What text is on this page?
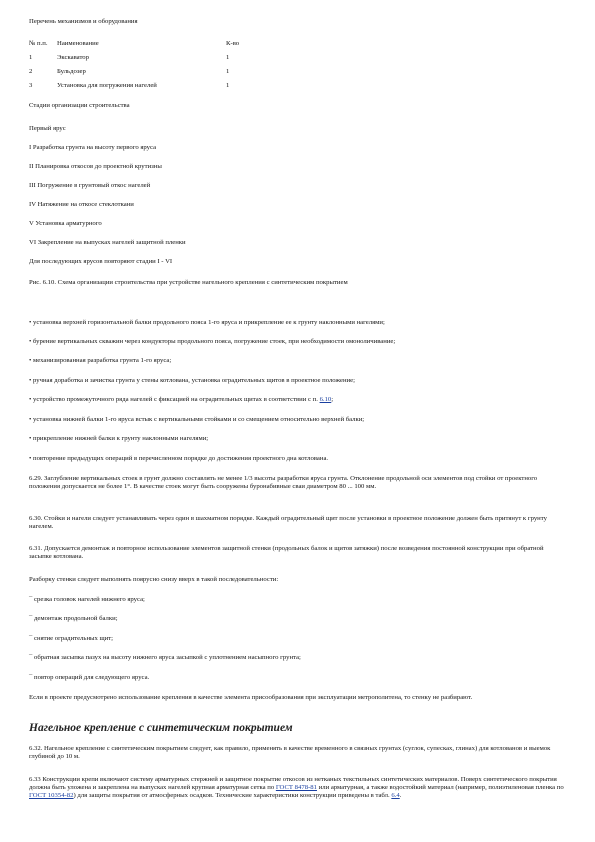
Перечень механизмов и оборудования
№ п.п. Наименование	К-во
1	Экскаватор	1
2	Бульдозер	1
3	Установка для погружения нагелей	1
Стадии организации строительства
Первый ярус
I Разработка грунта на высоту первого яруса
II Планировка откосов до проектной крутизны
III Погружение в грунтовый откос нагелей
IV Натяжение на откосе стеклоткани
V Установка арматурного
VI Закрепление на выпусках нагелей защитной пленки
Для последующих ярусов повторяют стадии I - VI
Рис. 6.10. Схема организации строительства при устройстве нагельного крепления с синтетическим покрытием
• установка верхней горизонтальной балки продольного пояса 1-го яруса и прикрепление ее к грунту наклонными нагелями;
• бурение вертикальных скважин через кондукторы продольного пояса, погружение стоек, при необходимости омоноличивание;
• механизированная разработка грунта 1-го яруса;
• ручная доработка и зачистка грунта у стены котлована, установка оградительных щитов в проектное положение;
• устройство промежуточного ряда нагелей с фиксацией на оградительных щитах в соответствии с п. 6.10;
• установка нижней балки 1-го яруса встык с вертикальными стойками и со смещением относительно верхней балки;
• прикрепление нижней балки к грунту наклонными нагелями;
• повторение предыдущих операций в перечисленном порядке до достижения проектного дна котлована.
6.29. Заглубление вертикальных стоек в грунт должно составлять не менее 1/3 высоты разработки яруса грунта. Отклонение продольной оси элементов под стойки от проектного положения допускается не более 1°. В качестве стоек могут быть сооружены буронабивные сваи диаметром 80 ... 100 мм.
6.30. Стойки и нагели следует устанавливать через один в шахматном порядке. Каждый оградительный щит после установки в проектное положение должен быть притянут к грунту нагелем.
6.31. Допускается демонтаж и повторное использование элементов защитной стенки (продольных балок и щитов затяжки) после возведения постоянной конструкции при обратной засыпке котлована.
Разборку стенки следует выполнять поярусно снизу вверх в такой последовательности:
¯ срезка головок нагелей нижнего яруса;
¯ демонтаж продольной балки;
¯ снятие оградительных щит;
¯ обратная засыпка пазух на высоту нижнего яруса засыпкой с уплотнением насыпного грунта;
¯ повтор операций для следующего яруса.
Если в проекте предусмотрено использование крепления в качестве элемента присообразования при эксплуатации метрополитена, то стенку не разбирают.
Нагельное крепление с синтетическим покрытием
6.32. Нагельное крепление с синтетическим покрытием следует, как правило, применять в качестве временного в связных грунтах (суглок, супесках, глинах) для котлованов и выемок глубиной до 10 м.
6.33 Конструкции крепи включают систему арматурных стержней и защитное покрытие откосов из нетканых текстильных синтетических материалов. Поверх синтетического покрытия должна быть уложена и закреплена на выпусках нагелей крупная арматурная сетка по ГОСТ 8478-81 или арматурная, а также водостойкий материал (например, полиэтиленовая пленка по ГОСТ 10354-82) для защиты покрытия от атмосферных осадков. Технические характеристики конструкции приведены в табл. 6.4.
